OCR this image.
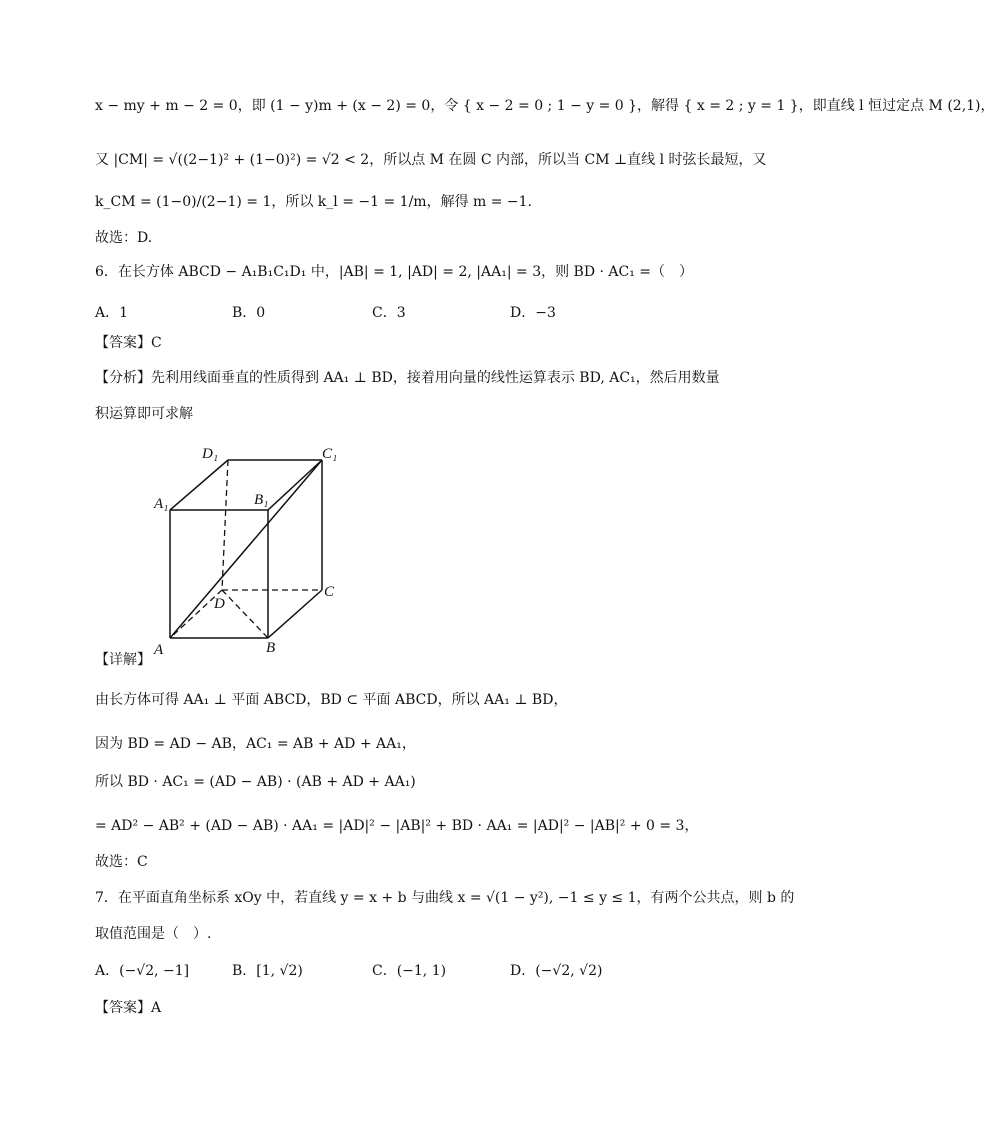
x − my + m − 2 = 0，即 (1 − y)m + (x − 2) = 0，令 { x − 2 = 0 ; 1 − y = 0 }，解得 { x = 2 ; y = 1 }，即直线 l 恒过定点 M (2,1)，
又 |CM| = √((2−1)² + (1−0)²) = √2 < 2，所以点 M 在圆 C 内部，所以当 CM ⊥直线 l 时弦长最短，又
k_CM = (1−0)/(2−1) = 1，所以 k_l = −1 = 1/m，解得 m = −1.
故选：D.
6．在长方体 ABCD − A₁B₁C₁D₁ 中，|AB| = 1, |AD| = 2, |AA₁| = 3，则 BD · AC₁ =（　）
A．1	B．0	C．3	D．−3
【答案】C
【分析】先利用线面垂直的性质得到 AA₁ ⊥ BD，接着用向量的线性运算表示 BD, AC₁，然后用数量
积运算即可求解
D₁	C₁
A₁	B₁
D
C
A	B
【详解】
由长方体可得 AA₁ ⊥ 平面 ABCD，BD ⊂ 平面 ABCD，所以 AA₁ ⊥ BD，
因为 BD = AD − AB，AC₁ = AB + AD + AA₁，
所以 BD · AC₁ = (AD − AB) · (AB + AD + AA₁)
= AD² − AB² + (AD − AB) · AA₁ = |AD|² − |AB|² + BD · AA₁ = |AD|² − |AB|² + 0 = 3，
故选：C
7．在平面直角坐标系 xOy 中，若直线 y = x + b 与曲线 x = √(1 − y²), −1 ≤ y ≤ 1，有两个公共点，则 b 的
取值范围是（　）.
A．(−√2, −1]	B．[1, √2)	C．(−1, 1)	D．(−√2, √2)
【答案】A
